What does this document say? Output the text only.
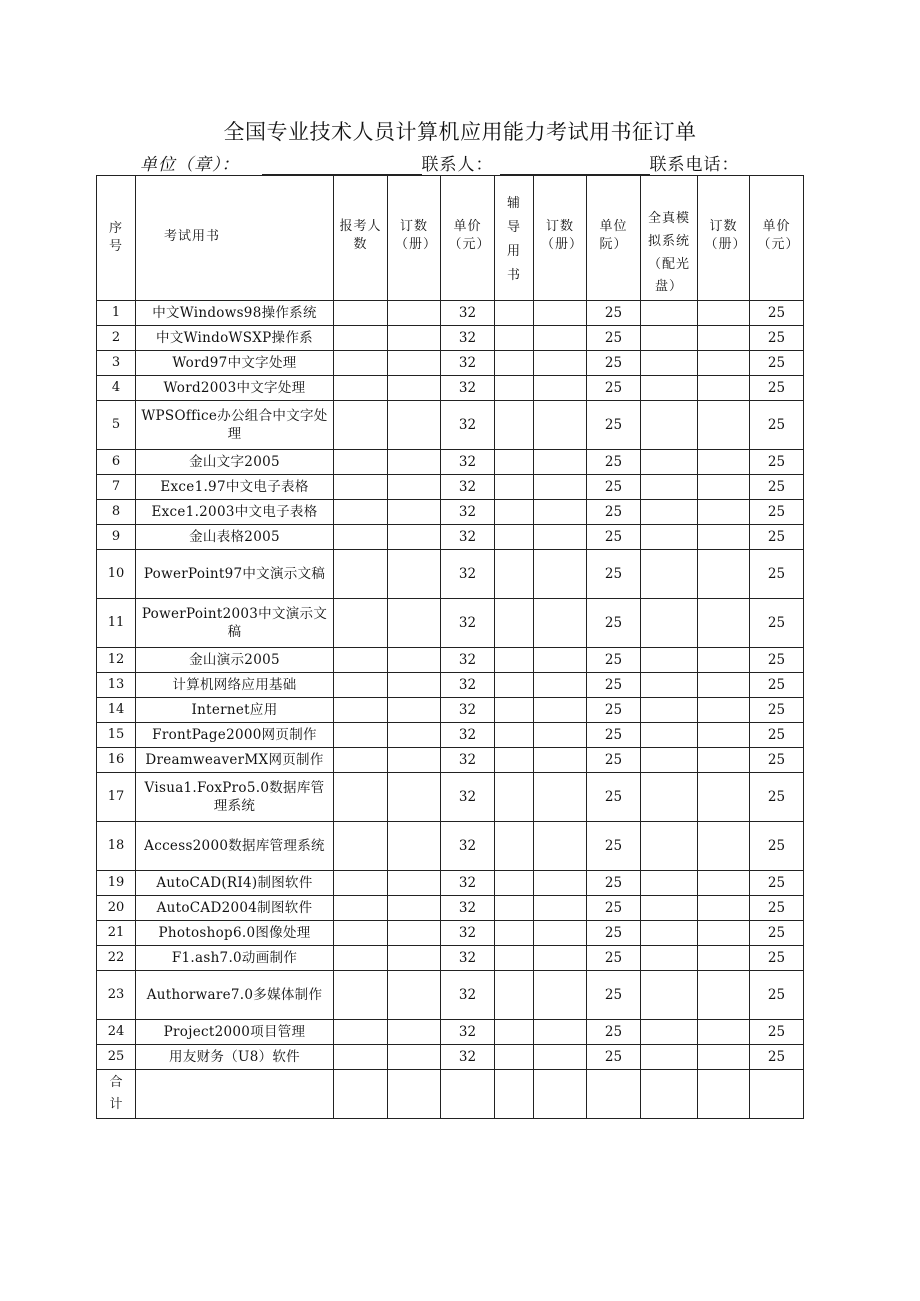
全国专业技术人员计算机应用能力考试用书征订单
单位（章）：	联系人：	联系电话：
序号	考试用书	报考人数	订数（册）	单价（元）	辅导用书	订数（册）	单位阮）	全真模拟系统（配光盘）	订数（册）	单价（元）

1	中文Windows98操作系统			32			25			25
2	中文WindoWSXP操作系			32			25			25
3	Word97中文字处理			32			25			25
4	Word2003中文字处理			32			25			25
5	WPSOffice办公组合中文字处理			32			25			25
6	金山文字2005			32			25			25
7	Exce1.97中文电子表格			32			25			25
8	Exce1.2003中文电子表格			32			25			25
9	金山表格2005			32			25			25
10	PowerPoint97中文演示文稿			32			25			25
11	PowerPoint2003中文演示文稿			32			25			25
12	金山演示2005			32			25			25
13	计算机网络应用基础			32			25			25
14	Internet应用			32			25			25
15	FrontPage2000网页制作			32			25			25
16	DreamweaverMX网页制作			32			25			25
17	Visua1.FoxPro5.0数据库管理系统			32			25			25
18	Access2000数据库管理系统			32			25			25
19	AutoCAD(RI4)制图软件			32			25			25
20	AutoCAD2004制图软件			32			25			25
21	Photoshop6.0图像处理			32			25			25
22	F1.ash7.0动画制作			32			25			25
23	Authorware7.0多媒体制作			32			25			25
24	Project2000项目管理			32			25			25
25	用友财务（U8）软件			32			25			25

合计										
